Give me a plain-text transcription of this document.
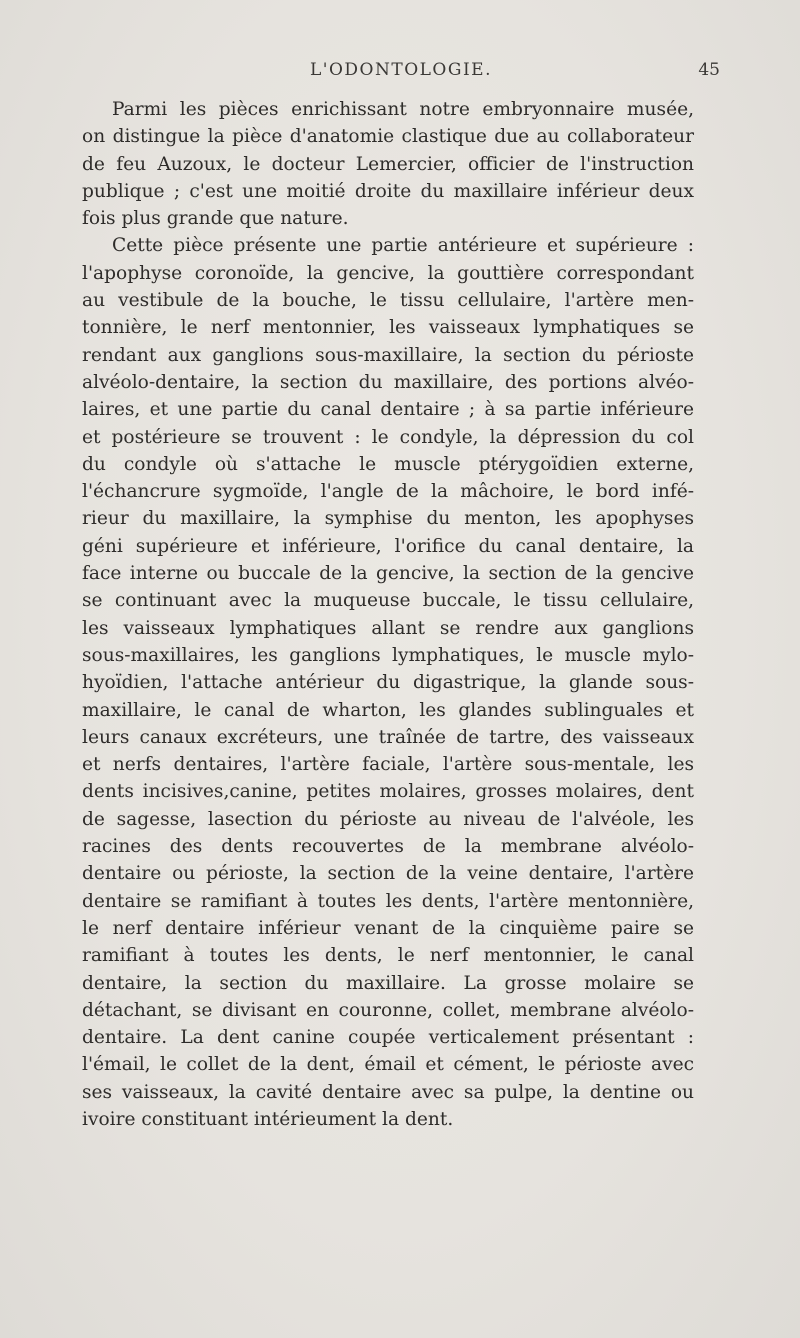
L'ODONTOLOGIE.	45
Parmi les pièces enrichissant notre embryonnaire musée,
on distingue la pièce d'anatomie clastique due au collaborateur
de feu Auzoux, le docteur Lemercier, officier de l'instruction
publique ; c'est une moitié droite du maxillaire inférieur deux
fois plus grande que nature.
Cette pièce présente une partie antérieure et supérieure :
l'apophyse coronoïde, la gencive, la gouttière correspondant
au vestibule de la bouche, le tissu cellulaire, l'artère men-
tonnière, le nerf mentonnier, les vaisseaux lymphatiques se
rendant aux ganglions sous-maxillaire, la section du périoste
alvéolo-dentaire, la section du maxillaire, des portions alvéo-
laires, et une partie du canal dentaire ; à sa partie inférieure
et postérieure se trouvent : le condyle, la dépression du col
du condyle où s'attache le muscle ptérygoïdien externe,
l'échancrure sygmoïde, l'angle de la mâchoire, le bord infé-
rieur du maxillaire, la symphise du menton, les apophyses
géni supérieure et inférieure, l'orifice du canal dentaire, la
face interne ou buccale de la gencive, la section de la gencive
se continuant avec la muqueuse buccale, le tissu cellulaire,
les vaisseaux lymphatiques allant se rendre aux ganglions
sous-maxillaires, les ganglions lymphatiques, le muscle mylo-
hyoïdien, l'attache antérieur du digastrique, la glande sous-
maxillaire, le canal de wharton, les glandes sublinguales et
leurs canaux excréteurs, une traînée de tartre, des vaisseaux
et nerfs dentaires, l'artère faciale, l'artère sous-mentale, les
dents incisives,canine, petites molaires, grosses molaires, dent
de sagesse, lasection du périoste au niveau de l'alvéole, les
racines des dents recouvertes de la membrane alvéolo-
dentaire ou périoste, la section de la veine dentaire, l'artère
dentaire se ramifiant à toutes les dents, l'artère mentonnière,
le nerf dentaire inférieur venant de la cinquième paire se
ramifiant à toutes les dents, le nerf mentonnier, le canal
dentaire, la section du maxillaire. La grosse molaire se
détachant, se divisant en couronne, collet, membrane alvéolo-
dentaire. La dent canine coupée verticalement présentant :
l'émail, le collet de la dent, émail et cément, le périoste avec
ses vaisseaux, la cavité dentaire avec sa pulpe, la dentine ou
ivoire constituant intérieument la dent.
